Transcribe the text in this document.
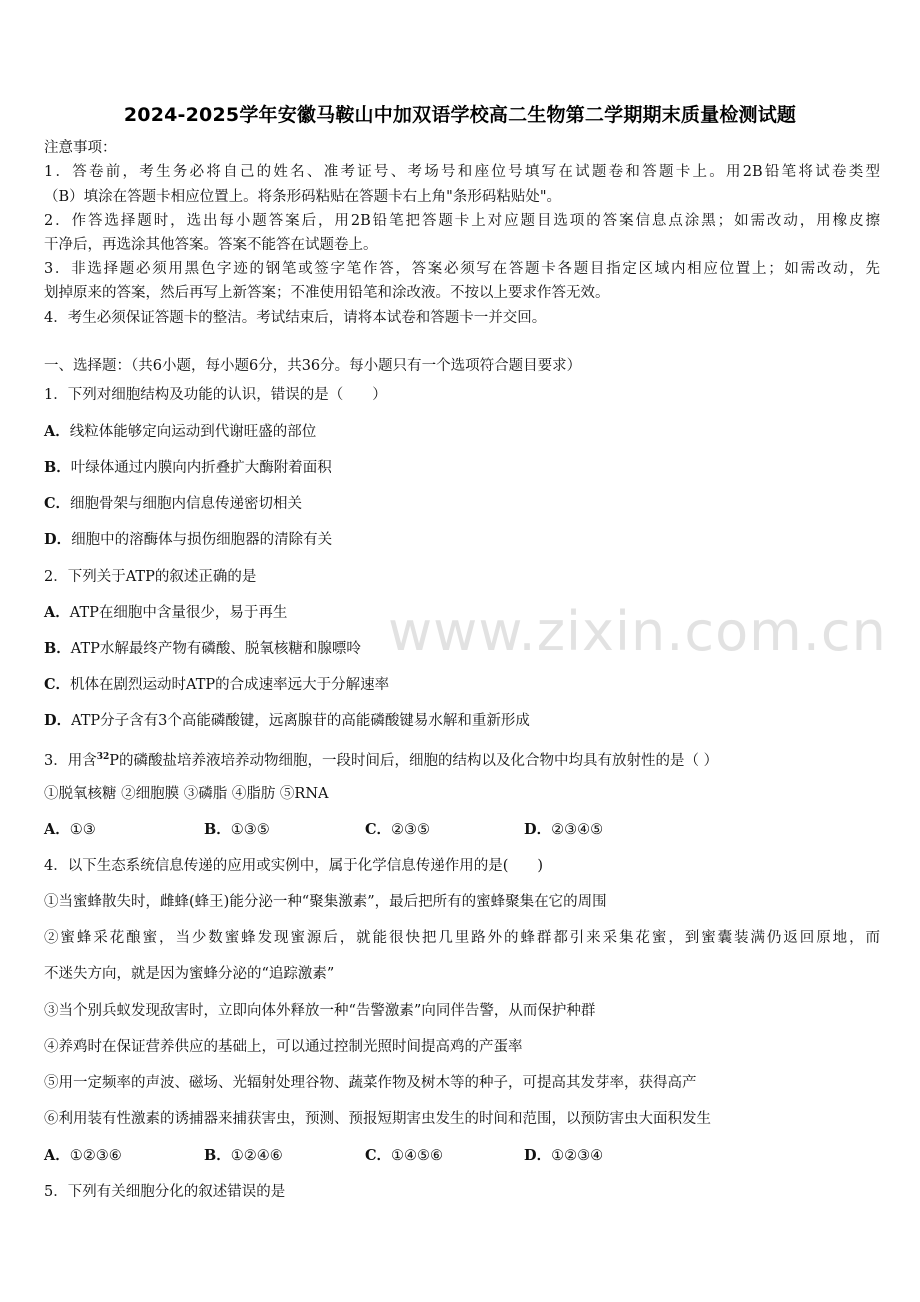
2024-2025学年安徽马鞍山中加双语学校高二生物第二学期期末质量检测试题
注意事项：
1．答卷前，考生务必将自己的姓名、准考证号、考场号和座位号填写在试题卷和答题卡上。用2B铅笔将试卷类型
（B）填涂在答题卡相应位置上。将条形码粘贴在答题卡右上角"条形码粘贴处"。
2．作答选择题时，选出每小题答案后，用2B铅笔把答题卡上对应题目选项的答案信息点涂黑；如需改动，用橡皮擦
干净后，再选涂其他答案。答案不能答在试题卷上。
3．非选择题必须用黑色字迹的钢笔或签字笔作答，答案必须写在答题卡各题目指定区域内相应位置上；如需改动，先
划掉原来的答案，然后再写上新答案；不准使用铅笔和涂改液。不按以上要求作答无效。
4．考生必须保证答题卡的整洁。考试结束后，请将本试卷和答题卡一并交回。
一、选择题：（共6小题，每小题6分，共36分。每小题只有一个选项符合题目要求）
1．下列对细胞结构及功能的认识，错误的是（　　）
A．线粒体能够定向运动到代谢旺盛的部位
B．叶绿体通过内膜向内折叠扩大酶附着面积
C．细胞骨架与细胞内信息传递密切相关
D．细胞中的溶酶体与损伤细胞器的清除有关
2．下列关于ATP的叙述正确的是
A．ATP在细胞中含量很少，易于再生
B．ATP水解最终产物有磷酸、脱氧核糖和腺嘌呤
C．机体在剧烈运动时ATP的合成速率远大于分解速率
D．ATP分子含有3个高能磷酸键，远离腺苷的高能磷酸键易水解和重新形成
3．用含$^{32}$P的磷酸盐培养液培养动物细胞，一段时间后，细胞的结构以及化合物中均具有放射性的是（ ）
①脱氧核糖 ②细胞膜 ③磷脂 ④脂肪 ⑤RNA
A．①③	B．①③⑤	C．②③⑤	D．②③④⑤
4．以下生态系统信息传递的应用或实例中，属于化学信息传递作用的是(　　)
①当蜜蜂散失时，雌蜂(蜂王)能分泌一种“聚集激素”，最后把所有的蜜蜂聚集在它的周围
②蜜蜂采花酿蜜，当少数蜜蜂发现蜜源后，就能很快把几里路外的蜂群都引来采集花蜜，到蜜囊装满仍返回原地，而
不迷失方向，就是因为蜜蜂分泌的“追踪激素”
③当个别兵蚁发现敌害时，立即向体外释放一种“告警激素”向同伴告警，从而保护种群
④养鸡时在保证营养供应的基础上，可以通过控制光照时间提高鸡的产蛋率
⑤用一定频率的声波、磁场、光辐射处理谷物、蔬菜作物及树木等的种子，可提高其发芽率，获得高产
⑥利用装有性激素的诱捕器来捕获害虫，预测、预报短期害虫发生的时间和范围，以预防害虫大面积发生
A．①②③⑥	B．①②④⑥	C．①④⑤⑥	D．①②③④
5．下列有关细胞分化的叙述错误的是
www.zixin.com.cn
